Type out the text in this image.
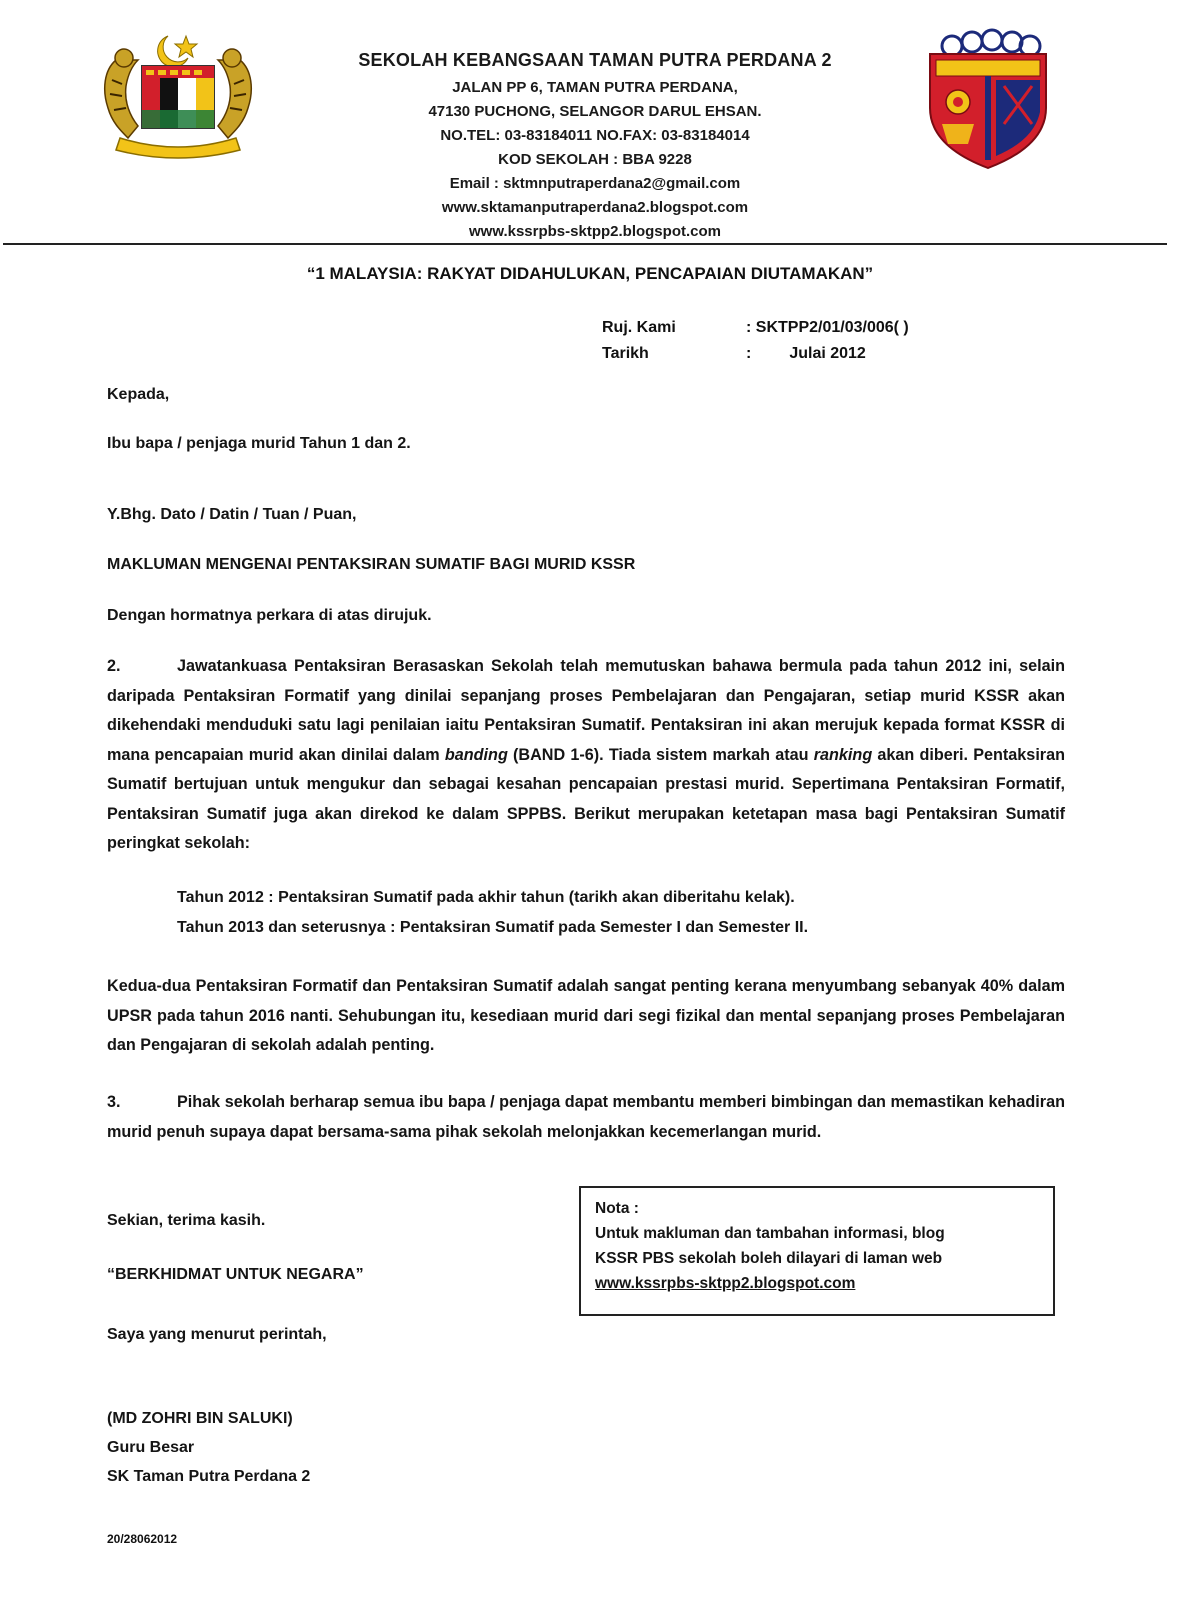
SEKOLAH KEBANGSAAN TAMAN PUTRA PERDANA 2
JALAN PP 6, TAMAN PUTRA PERDANA,
47130 PUCHONG, SELANGOR DARUL EHSAN.
NO.TEL: 03-83184011 NO.FAX: 03-83184014
KOD SEKOLAH : BBA 9228
Email : sktmnputraperdana2@gmail.com
www.sktamanputraperdana2.blogspot.com
www.kssrpbs-sktpp2.blogspot.com
“1 MALAYSIA: RAKYAT DIDAHULUKAN, PENCAPAIAN DIUTAMAKAN”
Ruj. Kami	: SKTPP2/01/03/006( )
Tarikh	:	Julai 2012
Kepada,
Ibu bapa / penjaga murid Tahun 1 dan 2.
Y.Bhg. Dato / Datin / Tuan / Puan,
MAKLUMAN MENGENAI PENTAKSIRAN SUMATIF BAGI MURID KSSR
Dengan hormatnya perkara di atas dirujuk.
2.	Jawatankuasa Pentaksiran Berasaskan Sekolah telah memutuskan bahawa bermula pada tahun 2012 ini, selain daripada Pentaksiran Formatif yang dinilai sepanjang proses Pembelajaran dan Pengajaran, setiap murid KSSR akan dikehendaki menduduki satu lagi penilaian iaitu Pentaksiran Sumatif. Pentaksiran ini akan merujuk kepada format KSSR di mana pencapaian murid akan dinilai dalam banding (BAND 1-6). Tiada sistem markah atau ranking akan diberi. Pentaksiran Sumatif bertujuan untuk mengukur dan sebagai kesahan pencapaian prestasi murid. Sepertimana Pentaksiran Formatif, Pentaksiran Sumatif juga akan direkod ke dalam SPPBS. Berikut merupakan ketetapan masa bagi Pentaksiran Sumatif peringkat sekolah:
Tahun 2012 : Pentaksiran Sumatif pada akhir tahun (tarikh akan diberitahu kelak).
Tahun 2013 dan seterusnya : Pentaksiran Sumatif pada Semester I dan Semester II.
Kedua-dua Pentaksiran Formatif dan Pentaksiran Sumatif adalah sangat penting kerana menyumbang sebanyak 40% dalam UPSR pada tahun 2016 nanti. Sehubungan itu, kesediaan murid dari segi fizikal dan mental sepanjang proses Pembelajaran dan Pengajaran di sekolah adalah penting.
3.	Pihak sekolah berharap semua ibu bapa / penjaga dapat membantu memberi bimbingan dan memastikan kehadiran murid penuh supaya dapat bersama-sama pihak sekolah melonjakkan kecemerlangan murid.
Nota :
Untuk makluman dan tambahan informasi, blog
KSSR PBS sekolah boleh dilayari di laman web
www.kssrpbs-sktpp2.blogspot.com
Sekian, terima kasih.
“BERKHIDMAT UNTUK NEGARA”
Saya yang menurut perintah,
(MD ZOHRI BIN SALUKI)
Guru Besar
SK Taman Putra Perdana 2
20/28062012
